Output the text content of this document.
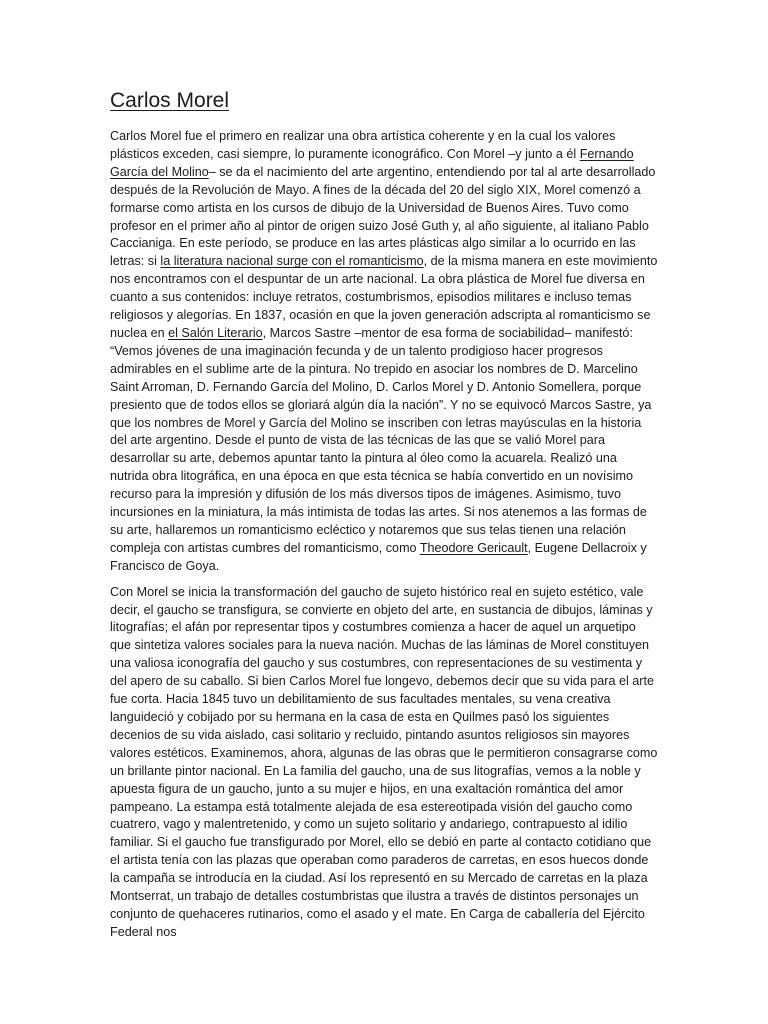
Carlos Morel

Carlos Morel fue el primero en realizar una obra artística coherente y en la cual los valores plásticos exceden, casi siempre, lo puramente iconográfico. Con Morel –y junto a él Fernando García del Molino– se da el nacimiento del arte argentino, entendiendo por tal al arte desarrollado después de la Revolución de Mayo. A fines de la década del 20 del siglo XIX, Morel comenzó a formarse como artista en los cursos de dibujo de la Universidad de Buenos Aires. Tuvo como profesor en el primer año al pintor de origen suizo José Guth y, al año siguiente, al italiano Pablo Caccianiga. En este período, se produce en las artes plásticas algo similar a lo ocurrido en las letras: si la literatura nacional surge con el romanticismo, de la misma manera en este movimiento nos encontramos con el despuntar de un arte nacional. La obra plástica de Morel fue diversa en cuanto a sus contenidos: incluye retratos, costumbrismos, episodios militares e incluso temas religiosos y alegorías. En 1837, ocasión en que la joven generación adscripta al romanticismo se nuclea en el Salón Literario, Marcos Sastre –mentor de esa forma de sociabilidad– manifestó: “Vemos jóvenes de una imaginación fecunda y de un talento prodigioso hacer progresos admirables en el sublime arte de la pintura. No trepido en asociar los nombres de D. Marcelino Saint Arroman, D. Fernando García del Molino, D. Carlos Morel y D. Antonio Somellera, porque presiento que de todos ellos se gloriará algún día la nación”. Y no se equivocó Marcos Sastre, ya que los nombres de Morel y García del Molino se inscriben con letras mayúsculas en la historia del arte argentino. Desde el punto de vista de las técnicas de las que se valió Morel para desarrollar su arte, debemos apuntar tanto la pintura al óleo como la acuarela. Realizó una nutrida obra litográfica, en una época en que esta técnica se había convertido en un novísimo recurso para la impresión y difusión de los más diversos tipos de imágenes. Asimismo, tuvo incursiones en la miniatura, la más intimista de todas las artes. Si nos atenemos a las formas de su arte, hallaremos un romanticismo ecléctico y notaremos que sus telas tienen una relación compleja con artistas cumbres del romanticismo, como Theodore Gericault, Eugene Dellacroix y Francisco de Goya.

Con Morel se inicia la transformación del gaucho de sujeto histórico real en sujeto estético, vale decir, el gaucho se transfigura, se convierte en objeto del arte, en sustancia de dibujos, láminas y litografías; el afán por representar tipos y costumbres comienza a hacer de aquel un arquetipo que sintetiza valores sociales para la nueva nación. Muchas de las láminas de Morel constituyen una valiosa iconografía del gaucho y sus costumbres, con representaciones de su vestimenta y del apero de su caballo. Si bien Carlos Morel fue longevo, debemos decir que su vida para el arte fue corta. Hacia 1845 tuvo un debilitamiento de sus facultades mentales, su vena creativa languideció y cobijado por su hermana en la casa de esta en Quilmes pasó los siguientes decenios de su vida aislado, casi solitario y recluido, pintando asuntos religiosos sin mayores valores estéticos. Examinemos, ahora, algunas de las obras que le permitieron consagrarse como un brillante pintor nacional. En La familia del gaucho, una de sus litografías, vemos a la noble y apuesta figura de un gaucho, junto a su mujer e hijos, en una exaltación romántica del amor pampeano. La estampa está totalmente alejada de esa estereotipada visión del gaucho como cuatrero, vago y malentretenido, y como un sujeto solitario y andariego, contrapuesto al idilio familiar. Si el gaucho fue transfigurado por Morel, ello se debió en parte al contacto cotidiano que el artista tenía con las plazas que operaban como paraderos de carretas, en esos huecos donde la campaña se introducía en la ciudad. Así los representó en su Mercado de carretas en la plaza Montserrat, un trabajo de detalles costumbristas que ilustra a través de distintos personajes un conjunto de quehaceres rutinarios, como el asado y el mate. En Carga de caballería del Ejército Federal nos
